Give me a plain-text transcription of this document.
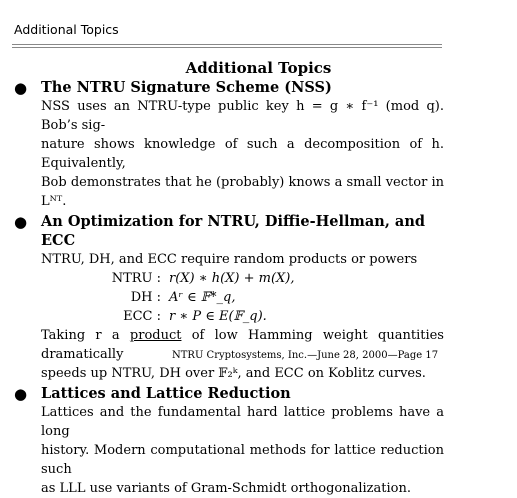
Additional Topics
Additional Topics
● The NTRU Signature Scheme (NSS)
NSS uses an NTRU-type public key h = g ∗ f⁻¹ (mod q). Bob’s sig-
nature shows knowledge of such a decomposition of h. Equivalently,
Bob demonstrates that he (probably) knows a small vector in Lᴺᵀ.
● An Optimization for NTRU, Diffie-Hellman, and ECC
NTRU, DH, and ECC require random products or powers
NTRU : r(X) ∗ h(X) + m(X),
DH : Aʳ ∈ 𝔽*_q,
ECC : r ∗ P ∈ E(𝔽_q).
Taking r a product of low Hamming weight quantities dramatically
speeds up NTRU, DH over 𝔽₂ᵏ, and ECC on Koblitz curves.
● Lattices and Lattice Reduction
Lattices and the fundamental hard lattice problems have a long
history. Modern computational methods for lattice reduction such
as LLL use variants of Gram-Schmidt orthogonalization.
NTRU Cryptosystems, Inc.—June 28, 2000—Page 17
